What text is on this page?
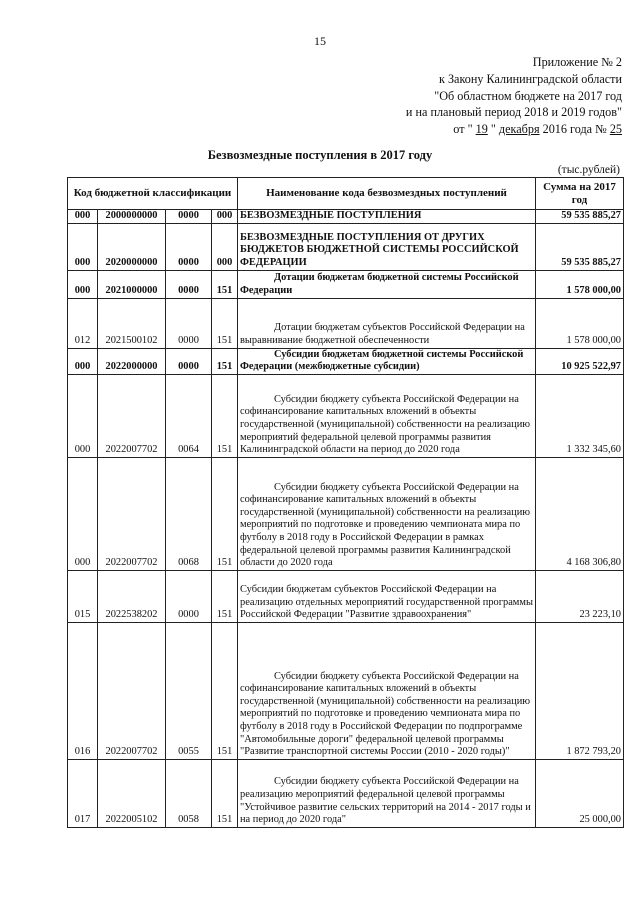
15
Приложение № 2
к Закону Калининградской области
"Об областном бюджете на 2017 год
и на плановый период 2018 и 2019 годов"
от " 19 " декабря 2016 года № 25
Безвозмездные поступления в 2017 году
(тыс.рублей)
Код бюджетной классификации				Наименование кода безвозмездных поступлений	Сумма на 2017 год
000	2000000000	0000	000	БЕЗВОЗМЕЗДНЫЕ ПОСТУПЛЕНИЯ	59 535 885,27
000	2020000000	0000	000	БЕЗВОЗМЕЗДНЫЕ ПОСТУПЛЕНИЯ ОТ ДРУГИХ БЮДЖЕТОВ БЮДЖЕТНОЙ СИСТЕМЫ РОССИЙСКОЙ ФЕДЕРАЦИИ	59 535 885,27
000	2021000000	0000	151	Дотации бюджетам бюджетной системы Российской Федерации	1 578 000,00
012	2021500102	0000	151	Дотации бюджетам субъектов Российской Федерации на выравнивание бюджетной обеспеченности	1 578 000,00
000	2022000000	0000	151	Субсидии бюджетам бюджетной системы Российской Федерации (межбюджетные субсидии)	10 925 522,97
000	2022007702	0064	151	Субсидии бюджету субъекта Российской Федерации на софинансирование капитальных вложений в объекты государственной (муниципальной) собственности на реализацию мероприятий федеральной целевой программы развития Калининградской области на период до 2020 года	1 332 345,60
000	2022007702	0068	151	Субсидии бюджету субъекта Российской Федерации на софинансирование капитальных вложений в объекты государственной (муниципальной) собственности на реализацию мероприятий по подготовке и проведению чемпионата мира по футболу в 2018 году в Российской Федерации в рамках федеральной целевой программы развития Калининградской области до 2020 года	4 168 306,80
015	2022538202	0000	151	Субсидии бюджетам субъектов Российской Федерации на реализацию отдельных мероприятий государственной программы Российской Федерации "Развитие здравоохранения"	23 223,10
016	2022007702	0055	151	Субсидии бюджету субъекта Российской Федерации на софинансирование капитальных вложений в объекты государственной (муниципальной) собственности на реализацию мероприятий по подготовке и проведению чемпионата мира по футболу в 2018 году в Российской Федерации по подпрограмме "Автомобильные дороги" федеральной целевой программы "Развитие транспортной системы России (2010 - 2020 годы)"	1 872 793,20
017	2022005102	0058	151	Субсидии бюджету субъекта Российской Федерации на реализацию мероприятий федеральной целевой программы "Устойчивое развитие сельских территорий на 2014 - 2017 годы и на период до 2020 года"	25 000,00
